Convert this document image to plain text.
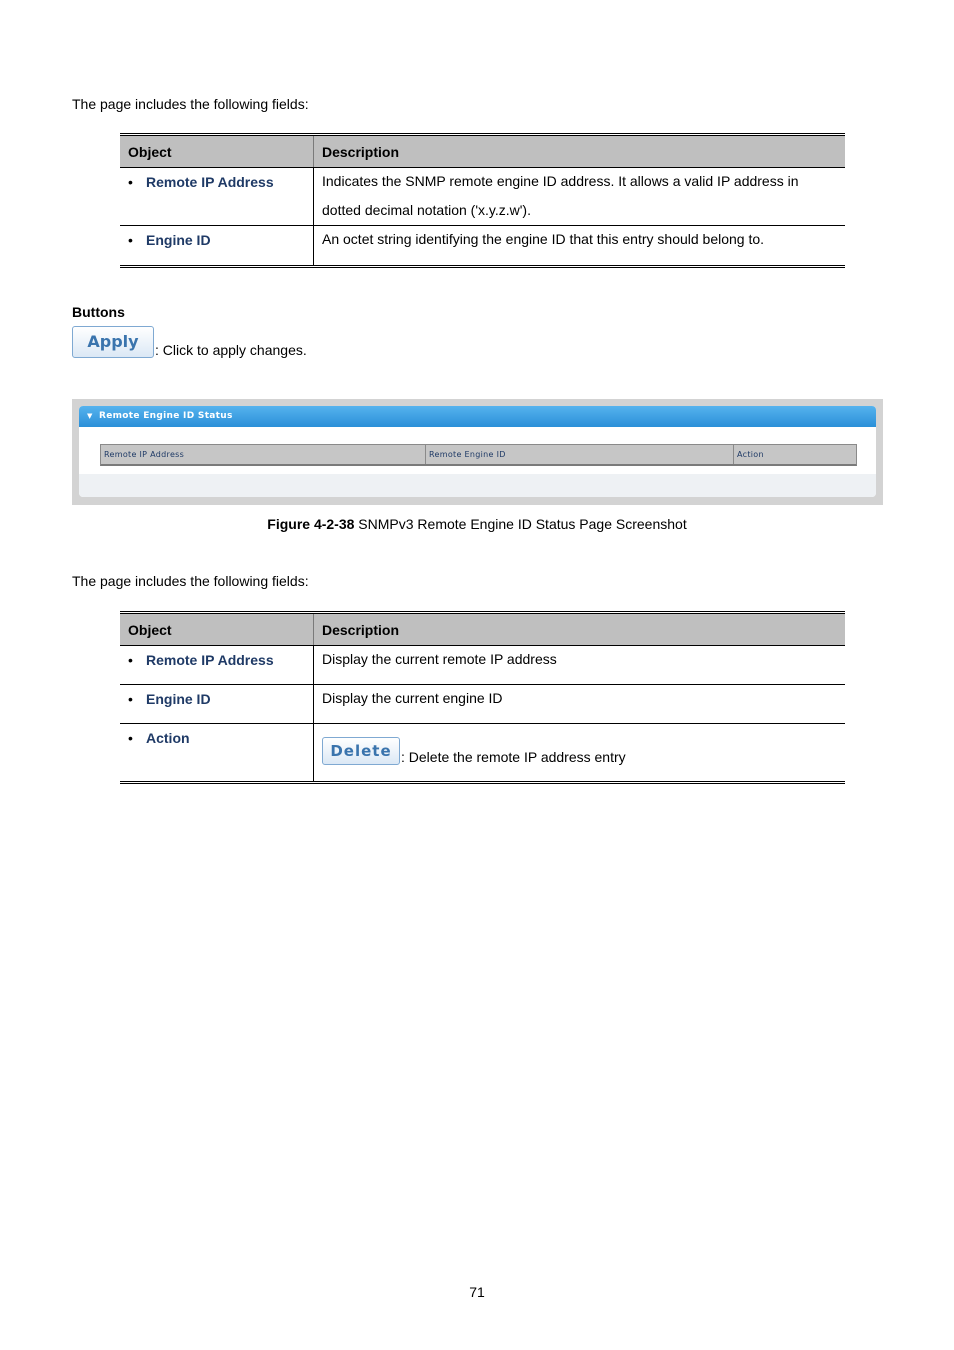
The page includes the following fields:
Object	Description

• Remote IP Address	Indicates the SNMP remote engine ID address. It allows a valid IP address in
dotted decimal notation ('x.y.z.w').

• Engine ID	An octet string identifying the engine ID that this entry should belong to.
Buttons
Apply	: Click to apply changes.
▼ Remote Engine ID Status
Remote IP Address	Remote Engine ID	Action
Figure 4-2-38 SNMPv3 Remote Engine ID Status Page Screenshot
The page includes the following fields:
Object	Description

• Remote IP Address	Display the current remote IP address

• Engine ID	Display the current engine ID

• Action	Delete : Delete the remote IP address entry
71
